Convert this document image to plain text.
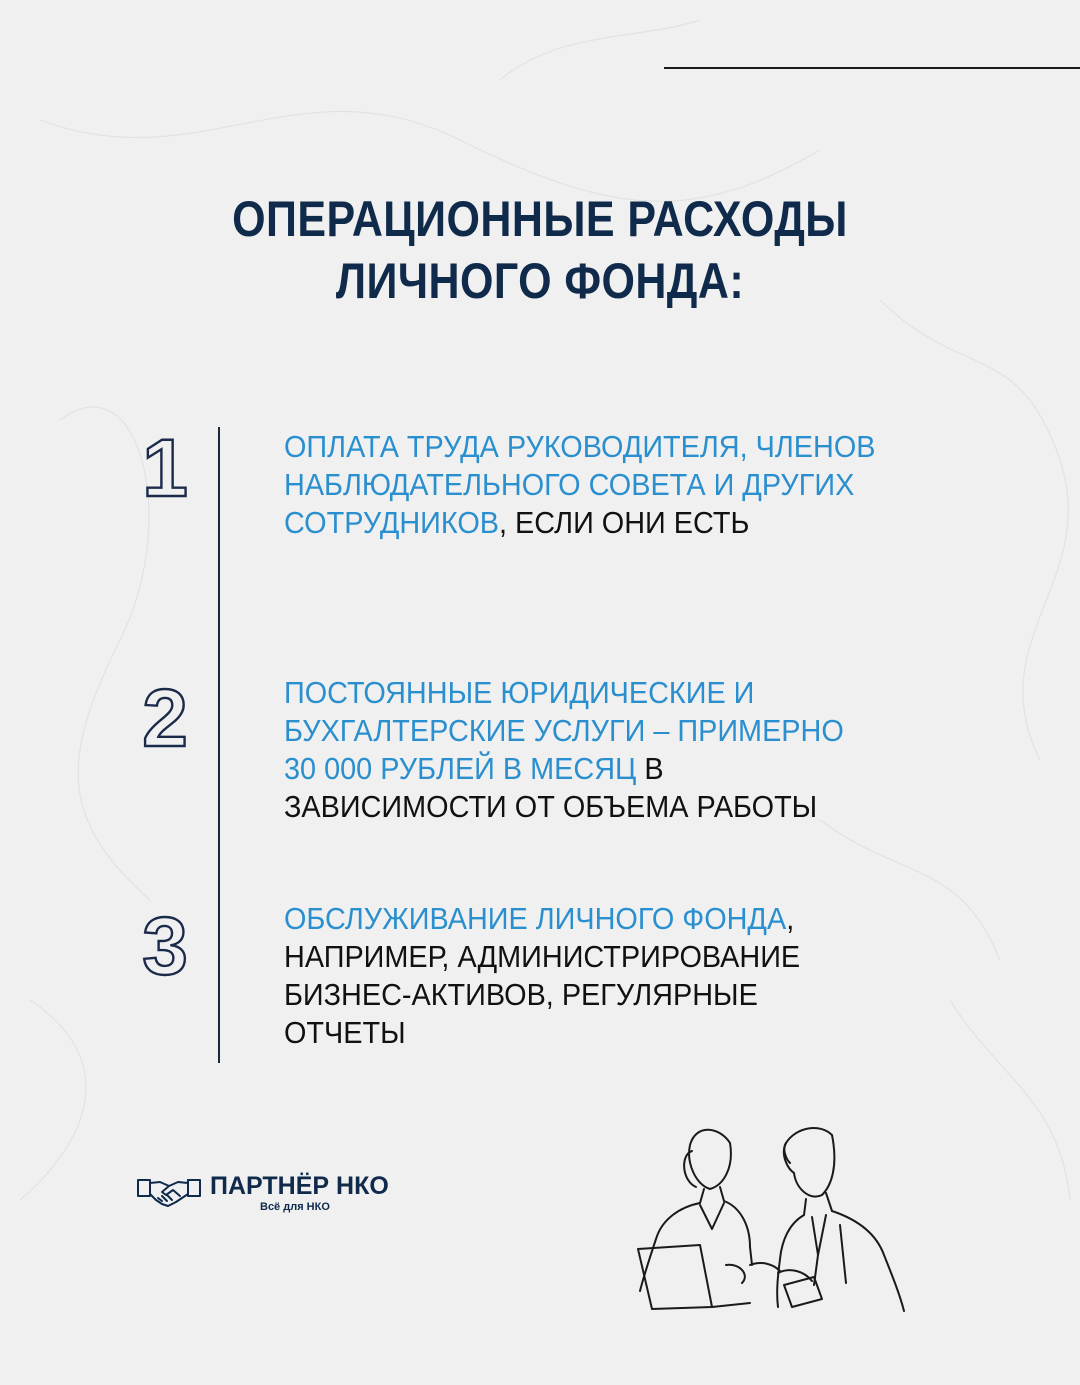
ОПЕРАЦИОННЫЕ РАСХОДЫ
ЛИЧНОГО ФОНДА:
1
2
3
ОПЛАТА ТРУДА РУКОВОДИТЕЛЯ, ЧЛЕНОВ НАБЛЮДАТЕЛЬНОГО СОВЕТА И ДРУГИХ СОТРУДНИКОВ, ЕСЛИ ОНИ ЕСТЬ
ПОСТОЯННЫЕ ЮРИДИЧЕСКИЕ И БУХГАЛТЕРСКИЕ УСЛУГИ – ПРИМЕРНО 30 000 РУБЛЕЙ В МЕСЯЦ В ЗАВИСИМОСТИ ОТ ОБЪЕМА РАБОТЫ
ОБСЛУЖИВАНИЕ ЛИЧНОГО ФОНДА, НАПРИМЕР, АДМИНИСТРИРОВАНИЕ БИЗНЕС-АКТИВОВ, РЕГУЛЯРНЫЕ ОТЧЕТЫ
ПАРТНЁР НКО
Всё для НКО
